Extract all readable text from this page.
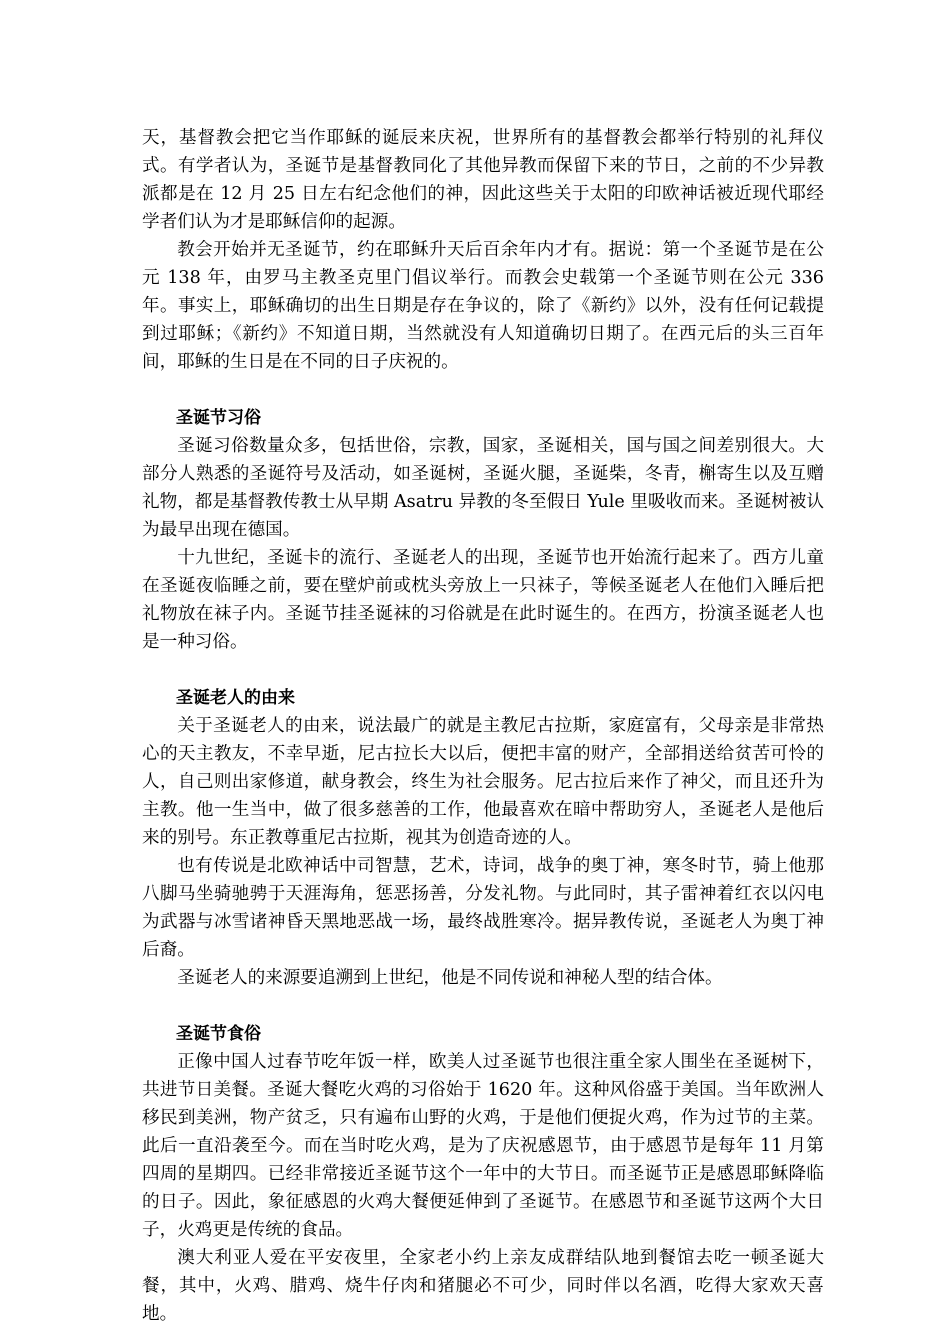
天，基督教会把它当作耶稣的诞辰来庆祝，世界所有的基督教会都举行特别的礼拜仪式。有学者认为，圣诞节是基督教同化了其他异教而保留下来的节日，之前的不少异教派都是在 12 月 25 日左右纪念他们的神，因此这些关于太阳的印欧神话被近现代耶经学者们认为才是耶稣信仰的起源。

教会开始并无圣诞节，约在耶稣升天后百余年内才有。据说：第一个圣诞节是在公元 138 年，由罗马主教圣克里门倡议举行。而教会史载第一个圣诞节则在公元 336 年。事实上，耶稣确切的出生日期是存在争议的，除了《新约》以外，没有任何记载提到过耶稣；《新约》不知道日期，当然就没有人知道确切日期了。在西元后的头三百年间，耶稣的生日是在不同的日子庆祝的。

圣诞节习俗

圣诞习俗数量众多，包括世俗，宗教，国家，圣诞相关，国与国之间差别很大。大部分人熟悉的圣诞符号及活动，如圣诞树，圣诞火腿，圣诞柴，冬青，槲寄生以及互赠礼物，都是基督教传教士从早期 Asatru 异教的冬至假日 Yule 里吸收而来。圣诞树被认为最早出现在德国。

十九世纪，圣诞卡的流行、圣诞老人的出现，圣诞节也开始流行起来了。西方儿童在圣诞夜临睡之前，要在壁炉前或枕头旁放上一只袜子，等候圣诞老人在他们入睡后把礼物放在袜子内。圣诞节挂圣诞袜的习俗就是在此时诞生的。在西方，扮演圣诞老人也是一种习俗。

圣诞老人的由来

关于圣诞老人的由来，说法最广的就是主教尼古拉斯，家庭富有，父母亲是非常热心的天主教友，不幸早逝，尼古拉长大以后，便把丰富的财产，全部捐送给贫苦可怜的人，自己则出家修道，献身教会，终生为社会服务。尼古拉后来作了神父，而且还升为主教。他一生当中，做了很多慈善的工作，他最喜欢在暗中帮助穷人，圣诞老人是他后来的别号。东正教尊重尼古拉斯，视其为创造奇迹的人。

也有传说是北欧神话中司智慧，艺术，诗词，战争的奥丁神，寒冬时节，骑上他那八脚马坐骑驰骋于天涯海角，惩恶扬善，分发礼物。与此同时，其子雷神着红衣以闪电为武器与冰雪诸神昏天黑地恶战一场，最终战胜寒冷。据异教传说，圣诞老人为奥丁神后裔。

圣诞老人的来源要追溯到上世纪，他是不同传说和神秘人型的结合体。

圣诞节食俗

正像中国人过春节吃年饭一样，欧美人过圣诞节也很注重全家人围坐在圣诞树下，共进节日美餐。圣诞大餐吃火鸡的习俗始于 1620 年。这种风俗盛于美国。当年欧洲人移民到美洲，物产贫乏，只有遍布山野的火鸡，于是他们便捉火鸡，作为过节的主菜。此后一直沿袭至今。而在当时吃火鸡，是为了庆祝感恩节，由于感恩节是每年 11 月第四周的星期四。已经非常接近圣诞节这个一年中的大节日。而圣诞节正是感恩耶稣降临的日子。因此，象征感恩的火鸡大餐便延伸到了圣诞节。在感恩节和圣诞节这两个大日子，火鸡更是传统的食品。

澳大利亚人爱在平安夜里，全家老小约上亲友成群结队地到餐馆去吃一顿圣诞大餐，其中，火鸡、腊鸡、烧牛仔肉和猪腿必不可少，同时伴以名酒，吃得大家欢天喜地。
